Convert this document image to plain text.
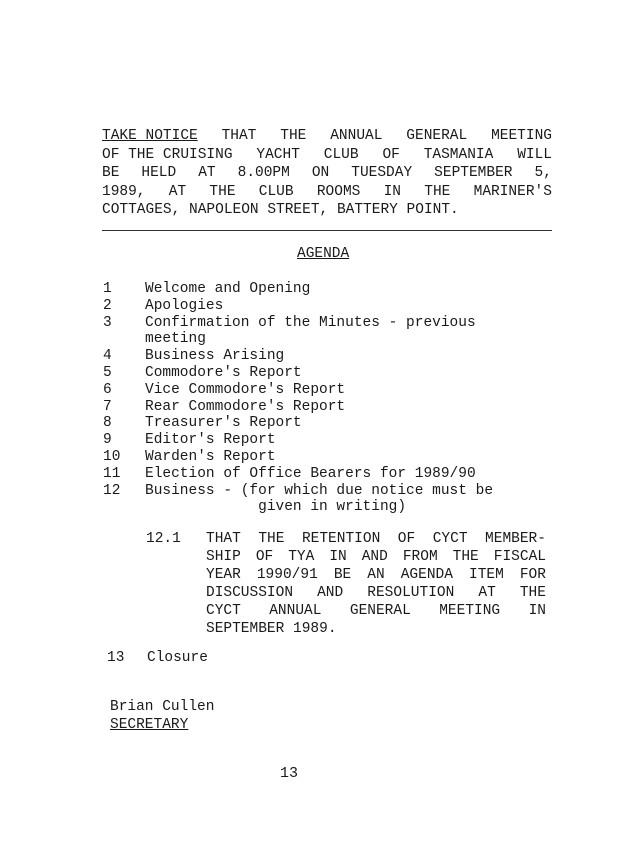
TAKE NOTICE THAT THE ANNUAL GENERAL MEETING
OF THE CRUISING YACHT CLUB OF TASMANIA WILL
BE HELD AT 8.00PM ON TUESDAY SEPTEMBER 5,
1989, AT THE CLUB ROOMS IN THE MARINER'S
COTTAGES, NAPOLEON STREET, BATTERY POINT.
AGENDA
1	Welcome and Opening
2	Apologies
3	Confirmation of the Minutes - previous
meeting
4	Business Arising
5	Commodore's Report
6	Vice Commodore's Report
7	Rear Commodore's Report
8	Treasurer's Report
9	Editor's Report
10	Warden's Report
11	Election of Office Bearers for 1989/90
12	Business - (for which due notice must be
given in writing)
12.1	THAT THE RETENTION OF CYCT MEMBER-
SHIP OF TYA IN AND FROM THE FISCAL
YEAR 1990/91 BE AN AGENDA ITEM FOR
DISCUSSION AND RESOLUTION AT THE
CYCT ANNUAL GENERAL MEETING IN
SEPTEMBER 1989.
13	Closure
Brian Cullen
SECRETARY
13
